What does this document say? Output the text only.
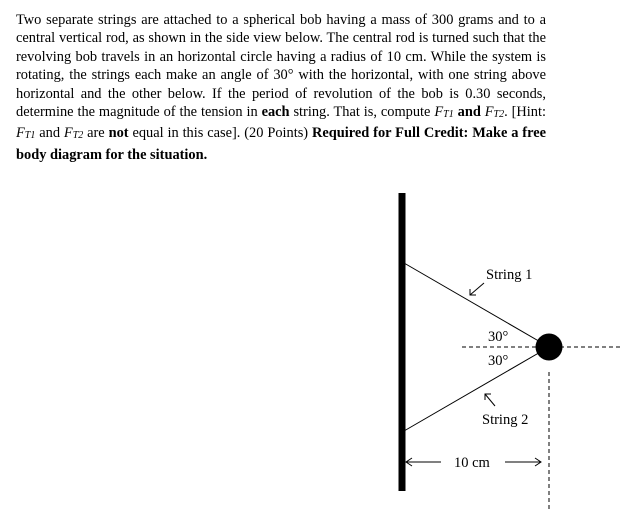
Two separate strings are attached to a spherical bob having a mass of 300 grams and to a central vertical rod, as shown in the side view below. The central rod is turned such that the revolving bob travels in an horizontal circle having a radius of 10 cm. While the system is rotating, the strings each make an angle of 30° with the horizontal, with one string above horizontal and the other below. If the period of revolution of the bob is 0.30 seconds, determine the magnitude of the tension in each string. That is, compute FT1 and FT2. [Hint: FT1 and FT2 are not equal in this case]. (20 Points) Required for Full Credit: Make a free body diagram for the situation.

30°
30°
String 1
String 2
10 cm
